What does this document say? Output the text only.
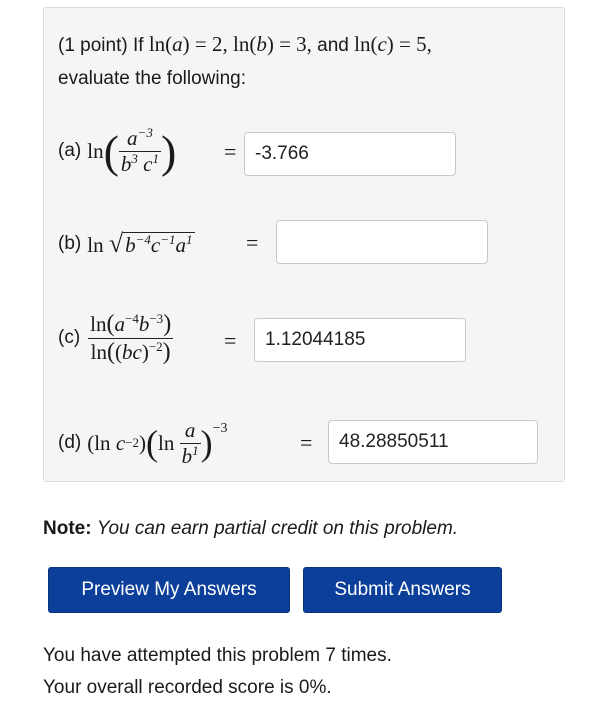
(1 point) If ln(a) = 2, ln(b) = 3, and ln(c) = 5,
evaluate the following:
(a) ln ( $\frac{a^{-3}}{b^3 c^1}$ ) =
-3.766
(b) $\ln √b^{-4}c^{-1}a^1$ =
$(c) \frac{\ln(a^{-4}b^{-3})}{\ln((bc)^{-2})}$ =
1.12044185
(d) (ln c −2 ) ( $\ln \frac{a}{b^1} )^{-3}$
=
48.28850511
Note: You can earn partial credit on this problem.
Preview My Answers	Submit Answers
You have attempted this problem 7 times.
Your overall recorded score is 0%.
